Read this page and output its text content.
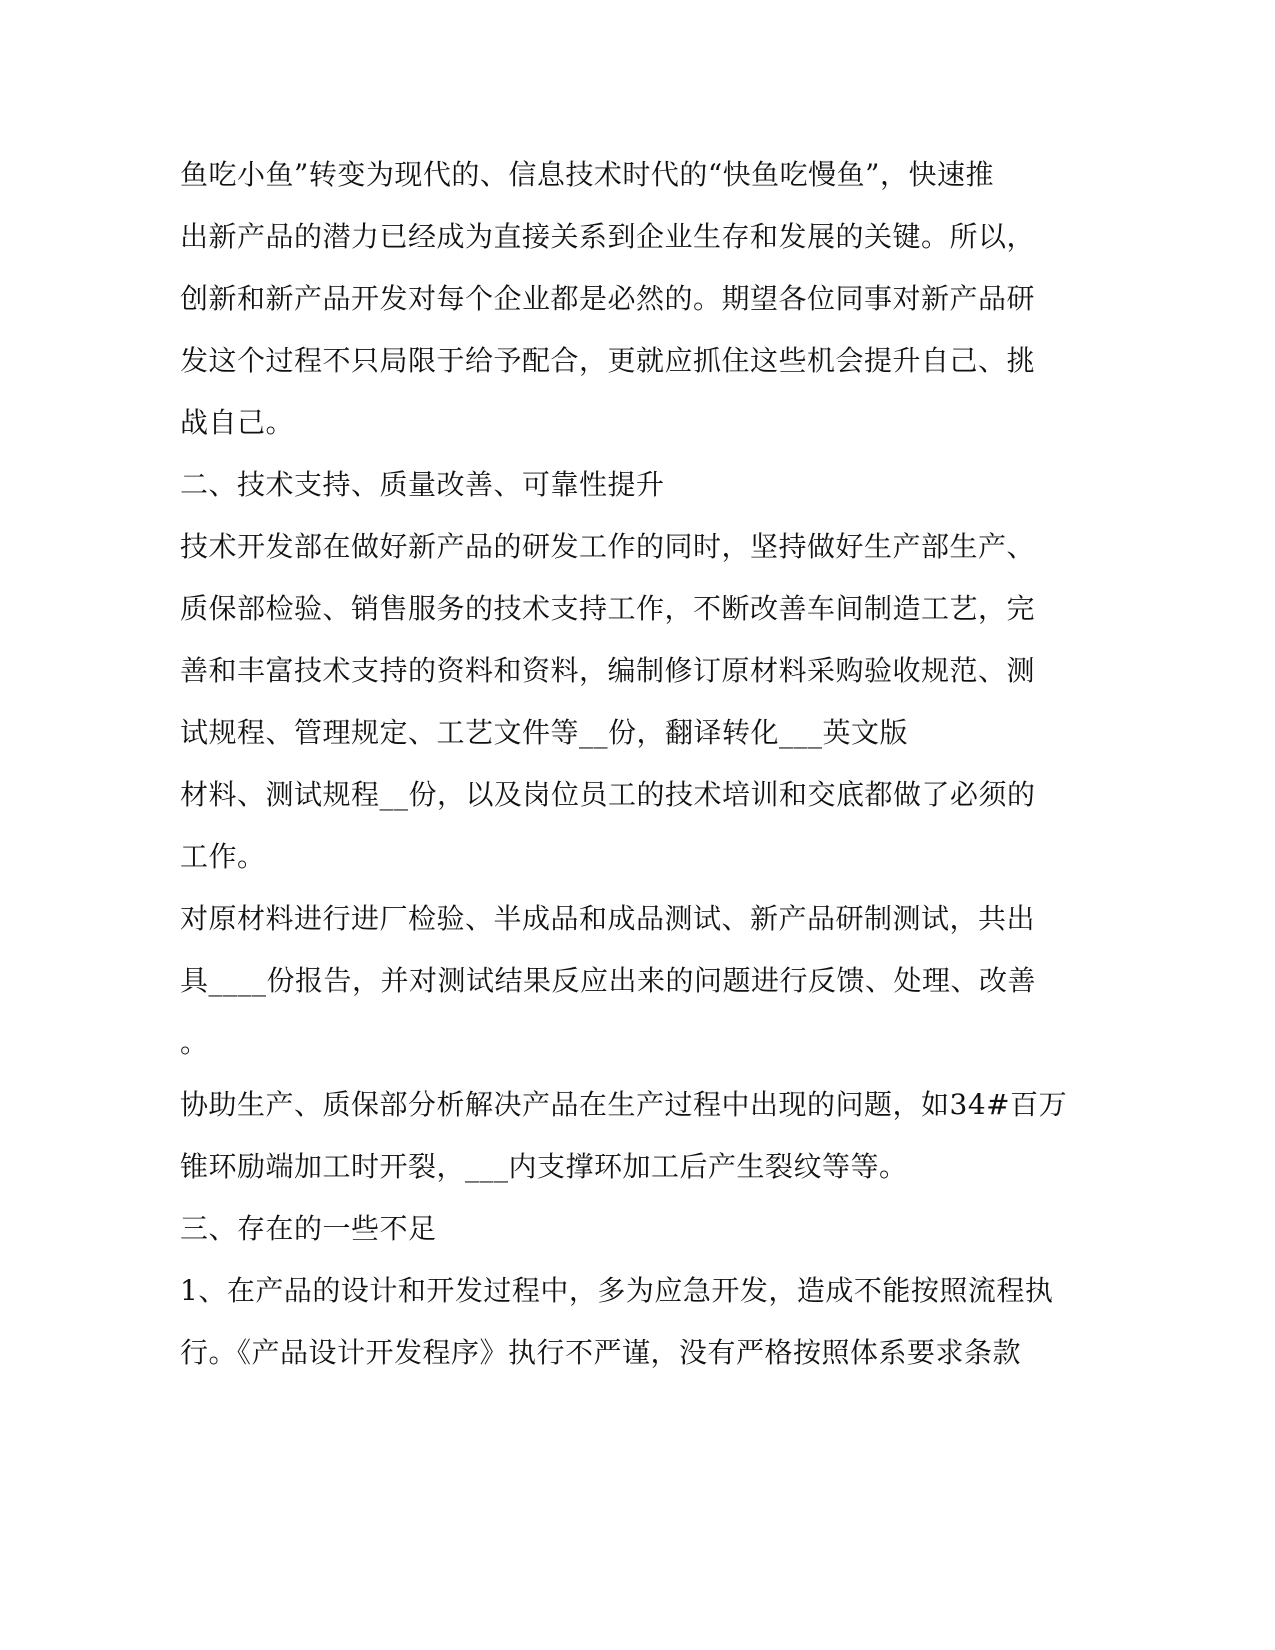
鱼吃小鱼”转变为现代的、信息技术时代的“快鱼吃慢鱼”，快速推
出新产品的潜力已经成为直接关系到企业生存和发展的关键。所以，
创新和新产品开发对每个企业都是必然的。期望各位同事对新产品研
发这个过程不只局限于给予配合，更就应抓住这些机会提升自己、挑
战自己。
二、技术支持、质量改善、可靠性提升
技术开发部在做好新产品的研发工作的同时，坚持做好生产部生产、
质保部检验、销售服务的技术支持工作，不断改善车间制造工艺，完
善和丰富技术支持的资料和资料，编制修订原材料采购验收规范、测
试规程、管理规定、工艺文件等__份，翻译转化___英文版
材料、测试规程__份，以及岗位员工的技术培训和交底都做了必须的
工作。
对原材料进行进厂检验、半成品和成品测试、新产品研制测试，共出
具____份报告，并对测试结果反应出来的问题进行反馈、处理、改善
。
协助生产、质保部分析解决产品在生产过程中出现的问题，如34#百万
锥环励端加工时开裂，___内支撑环加工后产生裂纹等等。
三、存在的一些不足
1、在产品的设计和开发过程中，多为应急开发，造成不能按照流程执
行。《产品设计开发程序》执行不严谨，没有严格按照体系要求条款
